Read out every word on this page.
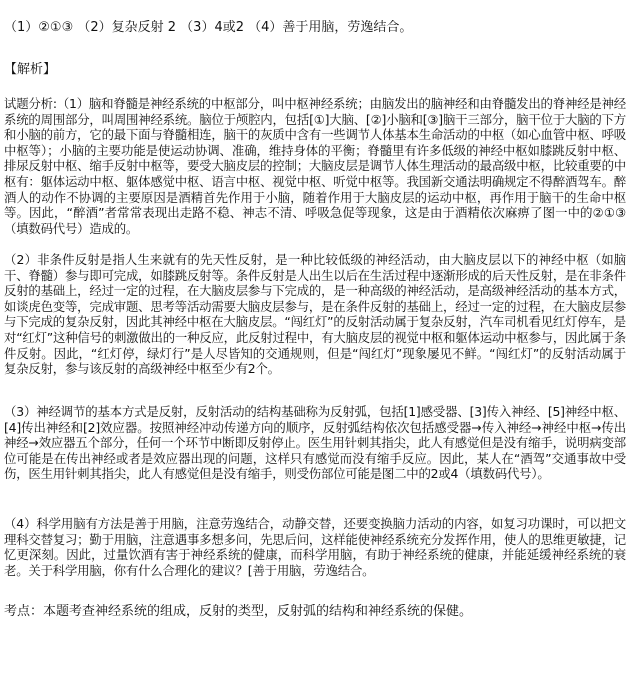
（1）②①③ （2）复杂反射 2 （3）4或2 （4）善于用脑，劳逸结合。
【解析】
试题分析:（1）脑和脊髓是神经系统的中枢部分，叫中枢神经系统；由脑发出的脑神经和由脊髓发出的脊神经是神经系统的周围部分，叫周围神经系统。脑位于颅腔内，包括[①]大脑、[②]小脑和[③]脑干三部分，脑干位于大脑的下方和小脑的前方，它的最下面与脊髓相连，脑干的灰质中含有一些调节人体基本生命活动的中枢（如心血管中枢、呼吸中枢等）；小脑的主要功能是使运动协调、准确，维持身体的平衡；脊髓里有许多低级的神经中枢如膝跳反射中枢、排尿反射中枢、缩手反射中枢等，要受大脑皮层的控制；大脑皮层是调节人体生理活动的最高级中枢，比较重要的中枢有：躯体运动中枢、躯体感觉中枢、语言中枢、视觉中枢、听觉中枢等。我国新交通法明确规定不得醉酒驾车。醉酒人的动作不协调的主要原因是酒精首先作用于小脑，随着作用于大脑皮层的运动中枢，再作用于脑干的生命中枢等。因此，“醉酒”者常常表现出走路不稳、神志不清、呼吸急促等现象，这是由于酒精依次麻痹了图一中的②①③（填数码代号）造成的。
（2）非条件反射是指人生来就有的先天性反射，是一种比较低级的神经活动，由大脑皮层以下的神经中枢（如脑干、脊髓）参与即可完成，如膝跳反射等。条件反射是人出生以后在生活过程中逐渐形成的后天性反射，是在非条件反射的基础上，经过一定的过程，在大脑皮层参与下完成的，是一种高级的神经活动，是高级神经活动的基本方式，如谈虎色变等，完成审题、思考等活动需要大脑皮层参与，是在条件反射的基础上，经过一定的过程，在大脑皮层参与下完成的复杂反射，因此其神经中枢在大脑皮层。“闯红灯”的反射活动属于复杂反射，汽车司机看见红灯停车，是对“红灯”这种信号的刺激做出的一种反应，此反射过程中，有大脑皮层的视觉中枢和躯体运动中枢参与，因此属于条件反射。因此，“红灯停，绿灯行”是人尽皆知的交通规则，但是“闯红灯”现象屡见不鲜。“闯红灯”的反射活动属于复杂反射，参与该反射的高级神经中枢至少有2个。
（3）神经调节的基本方式是反射，反射活动的结构基础称为反射弧，包括[1]感受器、[3]传入神经、[5]神经中枢、[4]传出神经和[2]效应器。按照神经冲动传递方向的顺序，反射弧结构依次包括感受器→传入神经→神经中枢→传出神经→效应器五个部分，任何一个环节中断即反射停止。医生用针刺其指尖，此人有感觉但是没有缩手，说明病变部位可能是在传出神经或者是效应器出现的问题，这样只有感觉而没有缩手反应。因此，某人在“酒驾”交通事故中受伤，医生用针刺其指尖，此人有感觉但是没有缩手，则受伤部位可能是图二中的2或4（填数码代号）。
（4）科学用脑有方法是善于用脑，注意劳逸结合，动静交替，还要变换脑力活动的内容，如复习功课时，可以把文理科交替复习；勤于用脑，注意遇事多想多问，先思后问，这样能使神经系统充分发挥作用，使人的思维更敏捷，记忆更深刻。因此，过量饮酒有害于神经系统的健康，而科学用脑，有助于神经系统的健康，并能延缓神经系统的衰老。关于科学用脑，你有什么合理化的建议？[善于用脑，劳逸结合。
考点：本题考查神经系统的组成，反射的类型，反射弧的结构和神经系统的保健。
